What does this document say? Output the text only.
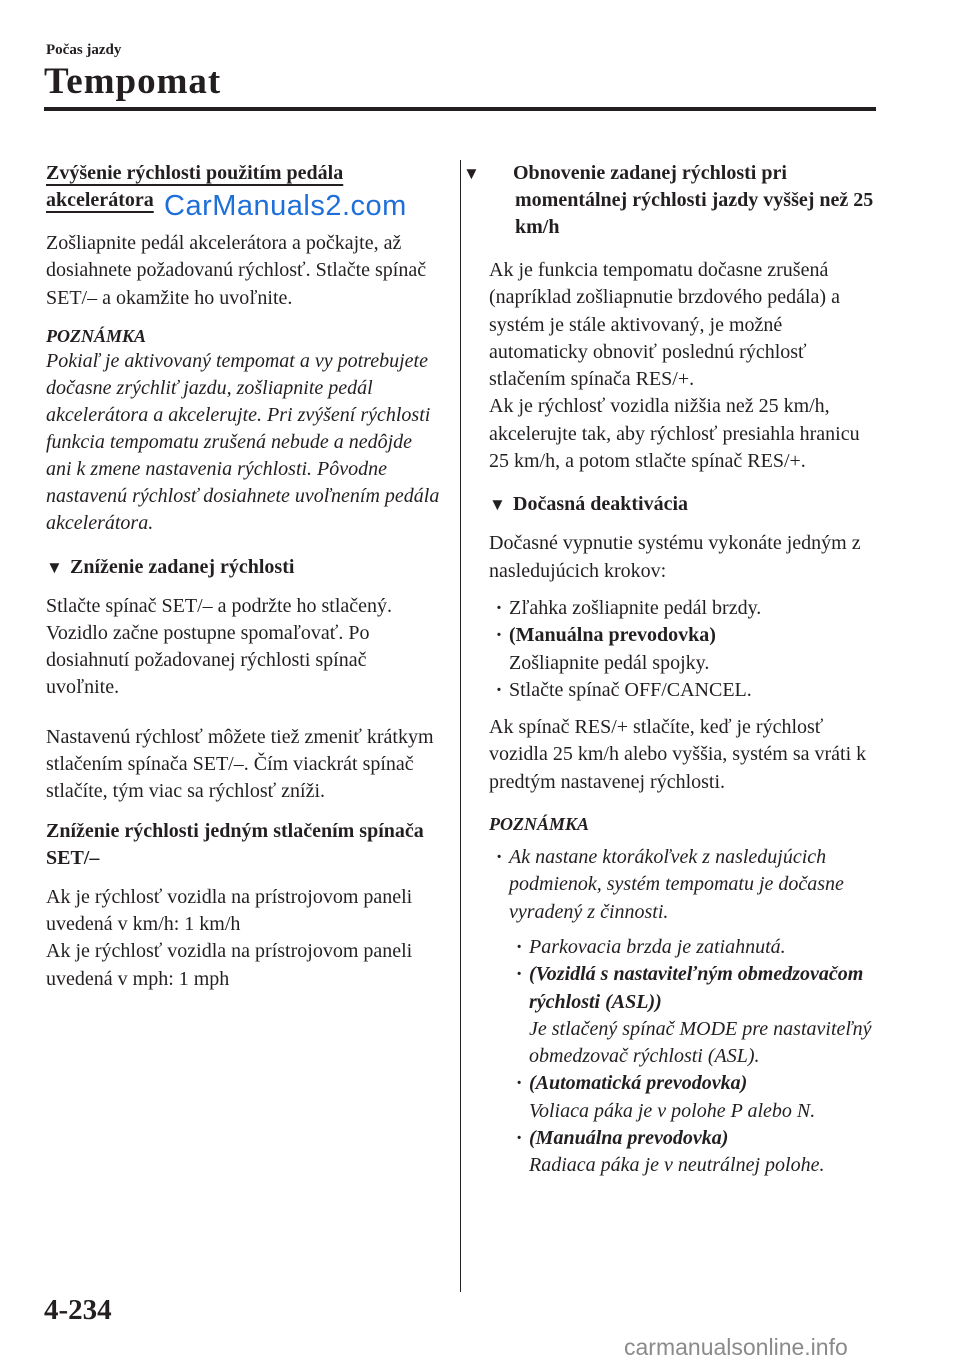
Počas jazdy
Tempomat

Zvýšenie rýchlosti použitím pedála akcelerátora

Zošliapnite pedál akcelerátora a počkajte, až dosiahnete požadovanú rýchlosť. Stlačte spínač SET/– a okamžite ho uvoľnite.

POZNÁMKA

Pokiaľ je aktivovaný tempomat a vy potrebujete dočasne zrýchliť jazdu, zošliapnite pedál akcelerátora a akcelerujte. Pri zvýšení rýchlosti funkcia tempomatu zrušená nebude a nedôjde ani k zmene nastavenia rýchlosti. Pôvodne nastavenú rýchlosť dosiahnete uvoľnením pedála akcelerátora.

▼ Zníženie zadanej rýchlosti

Stlačte spínač SET/– a podržte ho stlačený. Vozidlo začne postupne spomaľovať. Po dosiahnutí požadovanej rýchlosti spínač uvoľnite.

Nastavenú rýchlosť môžete tiež zmeniť krátkym stlačením spínača SET/–. Čím viackrát spínač stlačíte, tým viac sa rýchlosť zníži.

Zníženie rýchlosti jedným stlačením spínača SET/–

Ak je rýchlosť vozidla na prístrojovom paneli uvedená v km/h: 1 km/h

Ak je rýchlosť vozidla na prístrojovom paneli uvedená v mph: 1 mph

CarManuals2.com

▼ Obnovenie zadanej rýchlosti pri momentálnej rýchlosti jazdy vyššej než 25 km/h

Ak je funkcia tempomatu dočasne zrušená (napríklad zošliapnutie brzdového pedála) a systém je stále aktivovaný, je možné automaticky obnoviť poslednú rýchlosť stlačením spínača RES/+.

Ak je rýchlosť vozidla nižšia než 25 km/h, akcelerujte tak, aby rýchlosť presiahla hranicu 25 km/h, a potom stlačte spínač RES/+.

▼ Dočasná deaktivácia

Dočasné vypnutie systému vykonáte jedným z nasledujúcich krokov:

· Zľahka zošliapnite pedál brzdy.
· (Manuálna prevodovka)
Zošliapnite pedál spojky.
· Stlačte spínač OFF/CANCEL.

Ak spínač RES/+ stlačíte, keď je rýchlosť vozidla 25 km/h alebo vyššia, systém sa vráti k predtým nastavenej rýchlosti.

POZNÁMKA

· Ak nastane ktorákoľvek z nasledujúcich podmienok, systém tempomatu je dočasne vyradený z činnosti.
· Parkovacia brzda je zatiahnutá.
· (Vozidlá s nastaviteľným obmedzovačom rýchlosti (ASL))
Je stlačený spínač MODE pre nastaviteľný obmedzovač rýchlosti (ASL).
· (Automatická prevodovka)
Voliaca páka je v polohe P alebo N.
· (Manuálna prevodovka)
Radiaca páka je v neutrálnej polohe.
4-234
carmanualsonline.info
